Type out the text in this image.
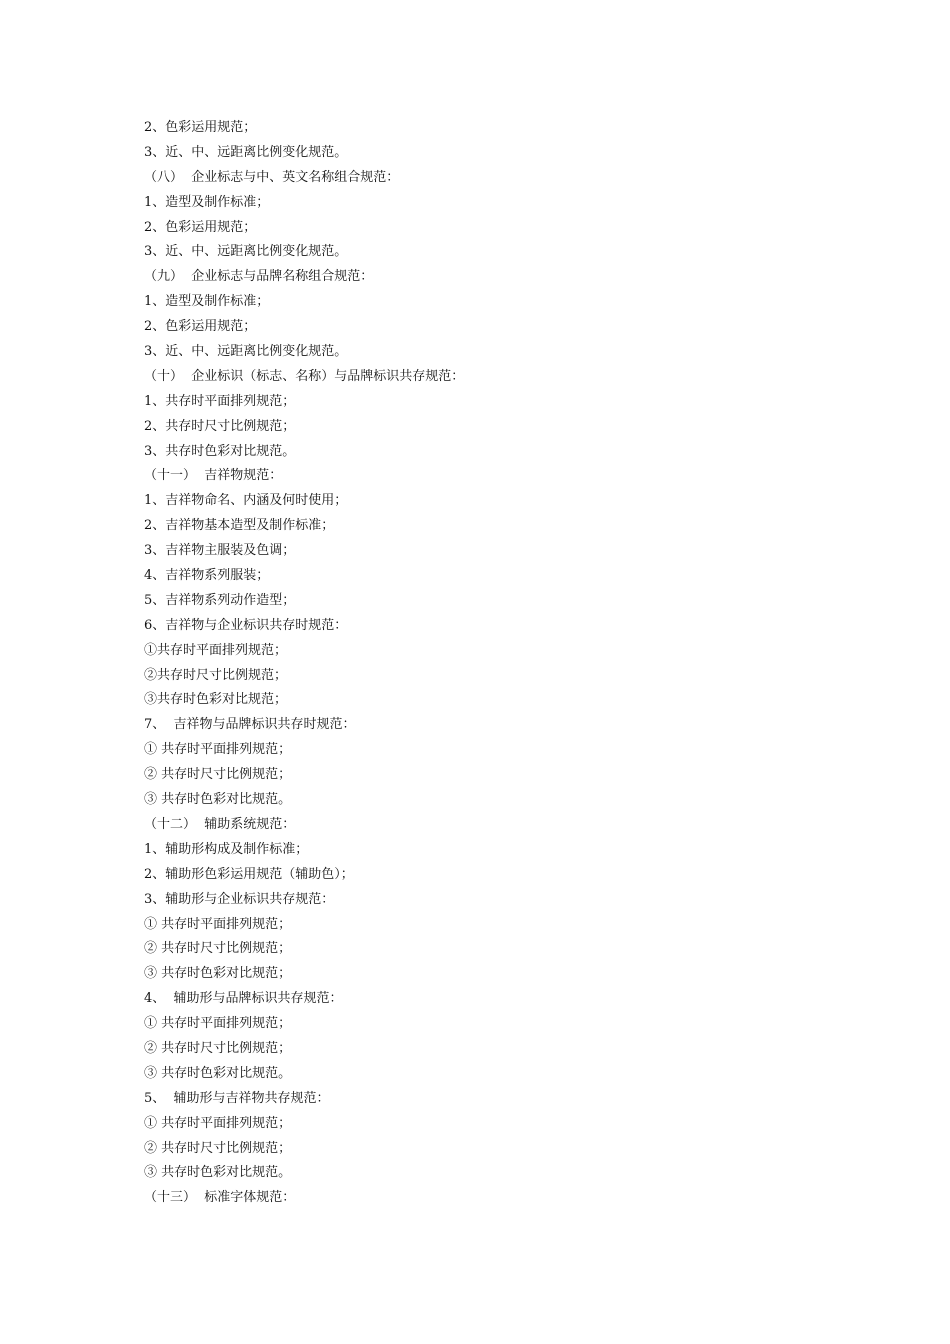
2、色彩运用规范；

3、近、中、远距离比例变化规范。

（八）  企业标志与中、英文名称组合规范：

1、造型及制作标准；

2、色彩运用规范；

3、近、中、远距离比例变化规范。

（九）  企业标志与品牌名称组合规范：

1、造型及制作标准；

2、色彩运用规范；

3、近、中、远距离比例变化规范。

（十）  企业标识（标志、名称）与品牌标识共存规范：

1、共存时平面排列规范；

2、共存时尺寸比例规范；

3、共存时色彩对比规范。

（十一）  吉祥物规范：

1、吉祥物命名、内涵及何时使用；

2、吉祥物基本造型及制作标准；

3、吉祥物主服装及色调；

4、吉祥物系列服装；

5、吉祥物系列动作造型；

6、吉祥物与企业标识共存时规范：

①共存时平面排列规范；

②共存时尺寸比例规范；

③共存时色彩对比规范；

7、  吉祥物与品牌标识共存时规范：

① 共存时平面排列规范；

② 共存时尺寸比例规范；

③ 共存时色彩对比规范。

（十二）  辅助系统规范：

1、辅助形构成及制作标准；

2、辅助形色彩运用规范（辅助色）；

3、辅助形与企业标识共存规范：

① 共存时平面排列规范；

② 共存时尺寸比例规范；

③ 共存时色彩对比规范；

4、  辅助形与品牌标识共存规范：

① 共存时平面排列规范；

② 共存时尺寸比例规范；

③ 共存时色彩对比规范。

5、  辅助形与吉祥物共存规范：

① 共存时平面排列规范；

② 共存时尺寸比例规范；

③ 共存时色彩对比规范。

（十三）  标准字体规范：
